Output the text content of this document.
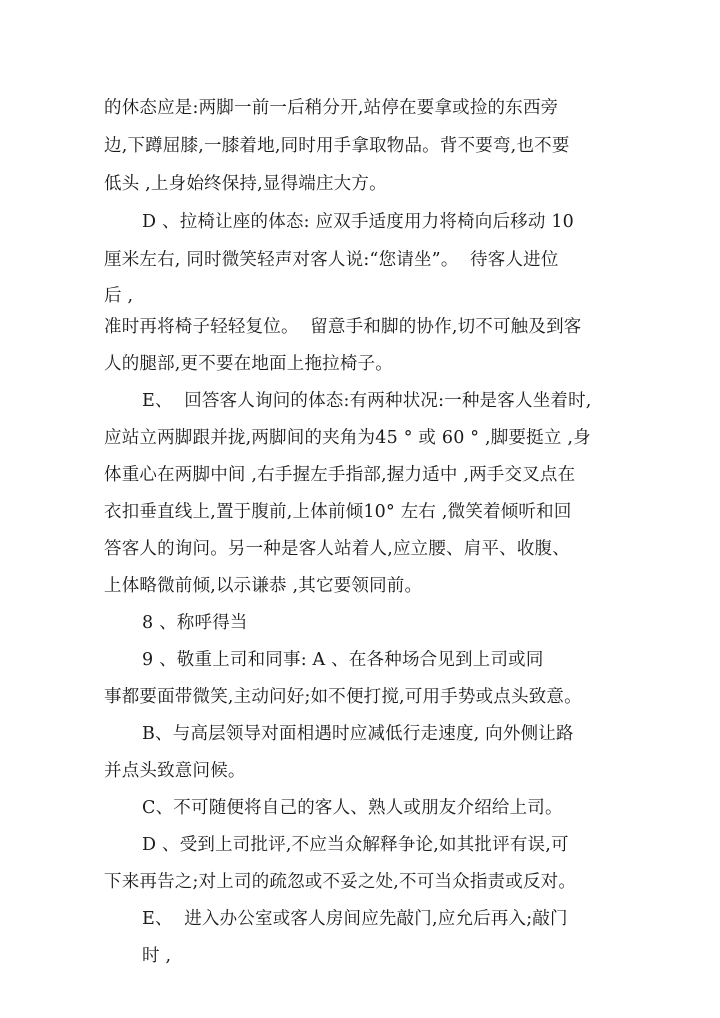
的休态应是:两脚一前一后稍分开,站停在要拿或捡的东西旁
边,下蹲屈膝,一膝着地,同时用手拿取物品。背不要弯,也不要
低头 ,上身始终保持,显得端庄大方。
D 、拉椅让座的体态: 应双手适度用力将椅向后移动 10
厘米左右, 同时微笑轻声对客人说:“您请坐”。  待客人进位
后 ,
准时再将椅子轻轻复位。  留意手和脚的协作,切不可触及到客
人的腿部,更不要在地面上拖拉椅子。
E、  回答客人询问的体态:有两种状况:一种是客人坐着时,
应站立两脚跟并拢,两脚间的夹角为45 ° 或 60 ° ,脚要挺立 ,身
体重心在两脚中间 ,右手握左手指部,握力适中 ,两手交叉点在
衣扣垂直线上,置于腹前,上体前倾10° 左右 ,微笑着倾听和回
答客人的询问。另一种是客人站着人,应立腰、肩平、收腹、
上体略微前倾,以示谦恭 ,其它要领同前。
8 、称呼得当
9 、敬重上司和同事: A 、在各种场合见到上司或同
事都要面带微笑,主动问好;如不便打搅,可用手势或点头致意。
B、与高层领导对面相遇时应减低行走速度, 向外侧让路
并点头致意问候。
C、不可随便将自己的客人、熟人或朋友介绍给上司。
D 、受到上司批评,不应当众解释争论,如其批评有误,可
下来再告之;对上司的疏忽或不妥之处,不可当众指责或反对。
E、  进入办公室或客人房间应先敲门,应允后再入;敲门
时 ,
